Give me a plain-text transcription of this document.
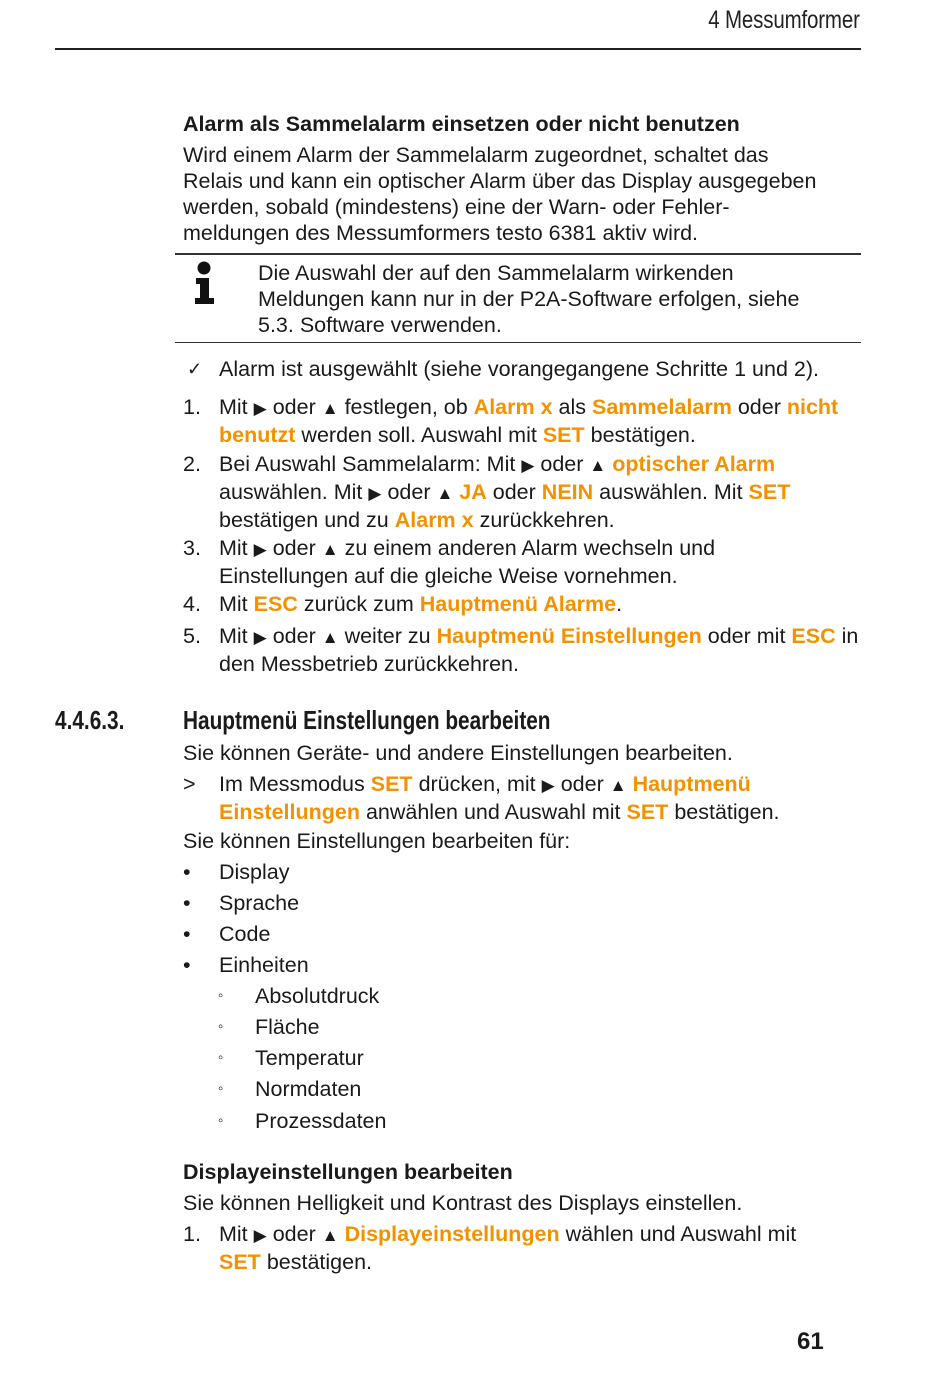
4 Messumformer
Alarm als Sammelalarm einsetzen oder nicht benutzen
Wird einem Alarm der Sammelalarm zugeordnet, schaltet das
Relais und kann ein optischer Alarm über das Display ausgegeben
werden, sobald (mindestens) eine der Warn- oder Fehler-
meldungen des Messumformers testo 6381 aktiv wird.
Die Auswahl der auf den Sammelalarm wirkenden
Meldungen kann nur in der P2A-Software erfolgen, siehe
5.3. Software verwenden.
✓ Alarm ist ausgewählt (siehe vorangegangene Schritte 1 und 2).
1. Mit ▶ oder ▲ festlegen, ob Alarm x als Sammelalarm oder nicht benutzt werden soll. Auswahl mit SET bestätigen.
2. Bei Auswahl Sammelalarm: Mit ▶ oder ▲ optischer Alarm auswählen. Mit ▶ oder ▲ JA oder NEIN auswählen. Mit SET bestätigen und zu Alarm x zurückkehren.
3. Mit ▶ oder ▲ zu einem anderen Alarm wechseln und
Einstellungen auf die gleiche Weise vornehmen.
4. Mit ESC zurück zum Hauptmenü Alarme.
5. Mit ▶ oder ▲ weiter zu Hauptmenü Einstellungen oder mit ESC in den Messbetrieb zurückkehren.
4.4.6.3. Hauptmenü Einstellungen bearbeiten
Sie können Geräte- und andere Einstellungen bearbeiten.
> Im Messmodus SET drücken, mit ▶ oder ▲ Hauptmenü
Einstellungen anwählen und Auswahl mit SET bestätigen.
Sie können Einstellungen bearbeiten für:
• Display
• Sprache
• Code
• Einheiten
◦ Absolutdruck
◦ Fläche
◦ Temperatur
◦ Normdaten
◦ Prozessdaten
Displayeinstellungen bearbeiten
Sie können Helligkeit und Kontrast des Displays einstellen.
1. Mit ▶ oder ▲ Displayeinstellungen wählen und Auswahl mit
SET bestätigen.
61
